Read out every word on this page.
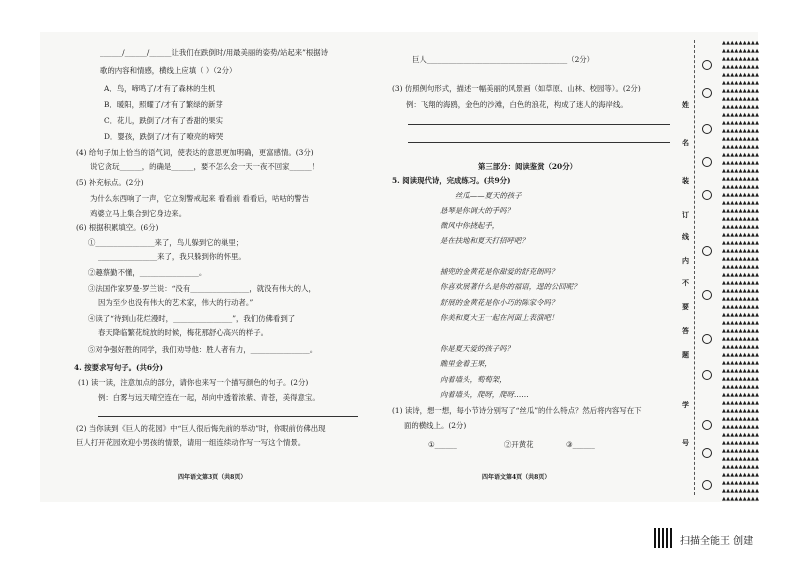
______/______/______让我们在跌倒时/用最美丽的姿势/站起来”根据诗
歌的内容和情感，横线上应填（ ）（2分）
A．鸟，啼鸣了/才有了森林的生机
B．暖阳，照耀了/才有了繁绿的新芽
C．花儿，跌倒了/才有了香甜的果实
D．婴孩，跌倒了/才有了嘹亮的啼哭
(4) 给句子加上恰当的语气词，使表达的意思更加明确，更富感情。(3分)
说它贪玩______，的确是______，要不怎么会一天一夜不回家______！
(5) 补充标点。(2分)
为什么东西响了一声，它立刻警戒起来 看看前 看看后，咕咕的警告
鸡婆立马上集合到它身边来。
(6) 根据积累填空。(6分)
①________________来了，鸟儿躲到它的巢里；
________________来了，我只躲到你的怀里。
②趣蔡勤不懂，________________。
③法国作家罗曼·罗兰说：“没有________________，就没有伟大的人，
因为至少也没有伟大的艺术家，伟大的行动者。”
④读了“待到山花烂漫时，________________”，我们仿佛看到了
春天降临繁花绽放的时候，梅花那舒心高兴的样子。
⑤对争强好胜的同学，我们劝导他：胜人者有力，________________。
4. 按要求写句子。(共6分)
(1) 读一读，注意加点的部分，请你也来写一个描写颜色的句子。(2分)
例：白雾与远天晴空连在一起，昂向中透着浓紫、青苍，美得意宝。
(2) 当你读到《巨人的花园》中“巨人很后悔先前的举动”时，你眼前仿佛出现
巨人打开花园欢迎小男孩的情景，请用一组连续动作写一写这个情景。
四年语文第3页（共8页）
巨人______________________________________（2分）
(3) 仿照例句形式，描述一幅美丽的风景画（如草原、山林、校园等）。(2分)
例：飞翔的海鸥，金色的沙滩，白色的浪花，构成了迷人的海岸线。
第三部分：阅读鉴赏（20分）
5. 阅读现代诗，完成练习。(共9分)
丝瓜——夏天的孩子
恳琴是你调大的手吗？
微风中你挠起手，
是在扶地和夏天打招呼吧？
捕兜的金黄花是你甜爱的舒克朗吗？
你喜欢展著什么是你的福语，逞的公回呢？
舒展的金黄花是你小巧的陈家令吗？
你美和夏大王一起在河面上表演吧！
你是夏天爱的孩子吗？
瞧里金着王果，
向着墙头，萄萄架，
向着墙头，爬呀，爬呀……
(1) 读诗，想一想，每小节诗分别写了“丝瓜”的什么特点？然后将内容写在下
面的横线上。(2分)
①______	②开黄花	③______
四年语文第4页（共8页）
姓
名
装
订
线
内
不
要
答
题
学
号
▲▲▲▲▲▲▲▲▲
▲▲▲▲▲▲▲▲▲
▲▲▲▲▲▲▲▲▲
▲▲▲▲▲▲▲▲▲
▲▲▲▲▲▲▲▲▲
▲▲▲▲▲▲▲▲▲
▲▲▲▲▲▲▲▲▲
▲▲▲▲▲▲▲▲▲
▲▲▲▲▲▲▲▲▲
▲▲▲▲▲▲▲▲▲
▲▲▲▲▲▲▲▲▲
▲▲▲▲▲▲▲▲▲
▲▲▲▲▲▲▲▲▲
▲▲▲▲▲▲▲▲▲
▲▲▲▲▲▲▲▲▲
▲▲▲▲▲▲▲▲▲
▲▲▲▲▲▲▲▲▲
▲▲▲▲▲▲▲▲▲
▲▲▲▲▲▲▲▲▲
▲▲▲▲▲▲▲▲▲
▲▲▲▲▲▲▲▲▲
▲▲▲▲▲▲▲▲▲
▲▲▲▲▲▲▲▲▲
▲▲▲▲▲▲▲▲▲
▲▲▲▲▲▲▲▲▲
▲▲▲▲▲▲▲▲▲
▲▲▲▲▲▲▲▲▲
▲▲▲▲▲▲▲▲▲
▲▲▲▲▲▲▲▲▲
▲▲▲▲▲▲▲▲▲
▲▲▲▲▲▲▲▲▲
▲▲▲▲▲▲▲▲▲
▲▲▲▲▲▲▲▲▲
▲▲▲▲▲▲▲▲▲
▲▲▲▲▲▲▲▲▲
▲▲▲▲▲▲▲▲▲
▲▲▲▲▲▲▲▲▲
▲▲▲▲▲▲▲▲▲
▲▲▲▲▲▲▲▲▲
▲▲▲▲▲▲▲▲▲
▲▲▲▲▲▲▲▲▲
▲▲▲▲▲▲▲▲▲
▲▲▲▲▲▲▲▲▲
▲▲▲▲▲▲▲▲▲
▲▲▲▲▲▲▲▲▲
▲▲▲▲▲▲▲▲▲
▲▲▲▲▲▲▲▲▲
▲▲▲▲▲▲▲▲▲
▲▲▲▲▲▲▲▲▲
▲▲▲▲▲▲▲▲▲
▲▲▲▲▲▲▲▲▲
▲▲▲▲▲▲▲▲▲
▲▲▲▲▲▲▲▲▲
▲▲▲▲▲▲▲▲▲
▲▲▲▲▲▲▲▲▲
▲▲▲▲▲▲▲▲▲
▲▲▲▲▲▲▲▲▲
▲▲▲▲▲▲▲▲▲
扫描全能王 创建
